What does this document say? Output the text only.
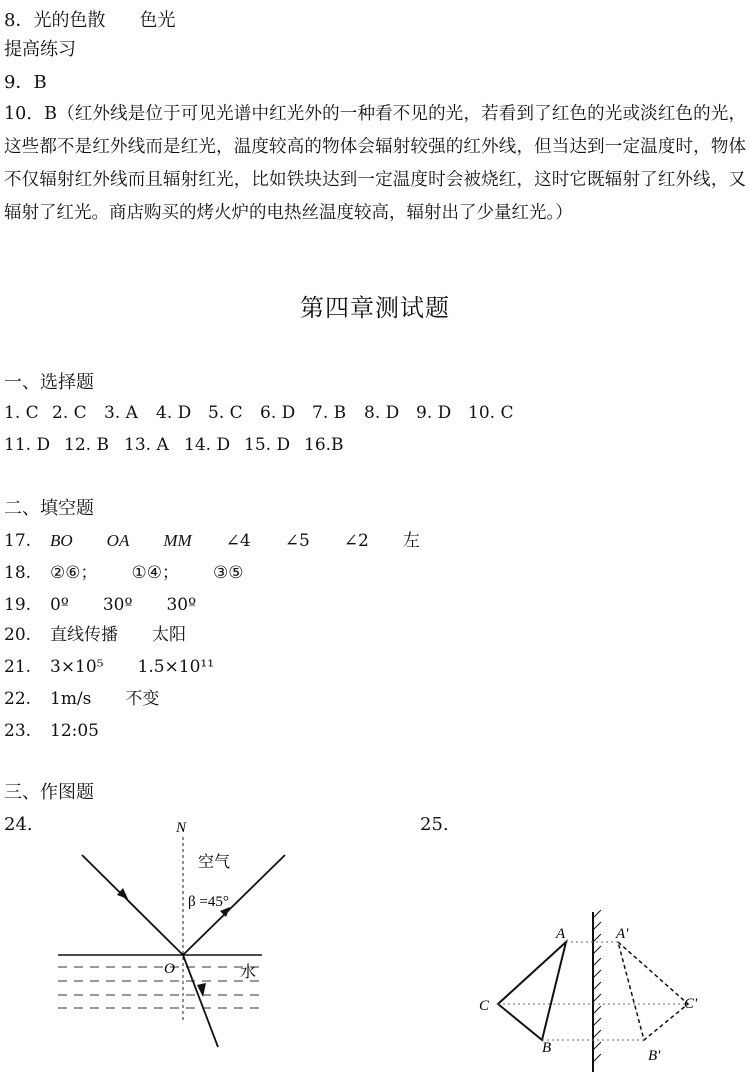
8．光的色散 色光
提高练习
9．B
10．B（红外线是位于可见光谱中红光外的一种看不见的光，若看到了红色的光或淡红色的光，这些都不是红外线而是红光，温度较高的物体会辐射较强的红外线，但当达到一定温度时，物体不仅辐射红外线而且辐射红光，比如铁块达到一定温度时会被烧红，这时它既辐射了红外线，又辐射了红光。商店购买的烤火炉的电热丝温度较高，辐射出了少量红光。）
第四章测试题
一、选择题
1. C 2. C 3. A 4. D 5. C 6. D 7. B 8. D 9. D 10. C
11. D 12. B 13. A 14. D 15. D 16.B
二、填空题
17. BO OA MM ∠4 ∠5 ∠2 左
18. ②⑥； ①④； ③⑤
19. 0º 30º 30º
20. 直线传播 太阳
21. 3×10⁵ 1.5×10¹¹
22. 1m/s 不变
23. 12:05
三、作图题
24.	25.
N
空气
β =45°
O	水
A
C
B
A'
C'
B'
